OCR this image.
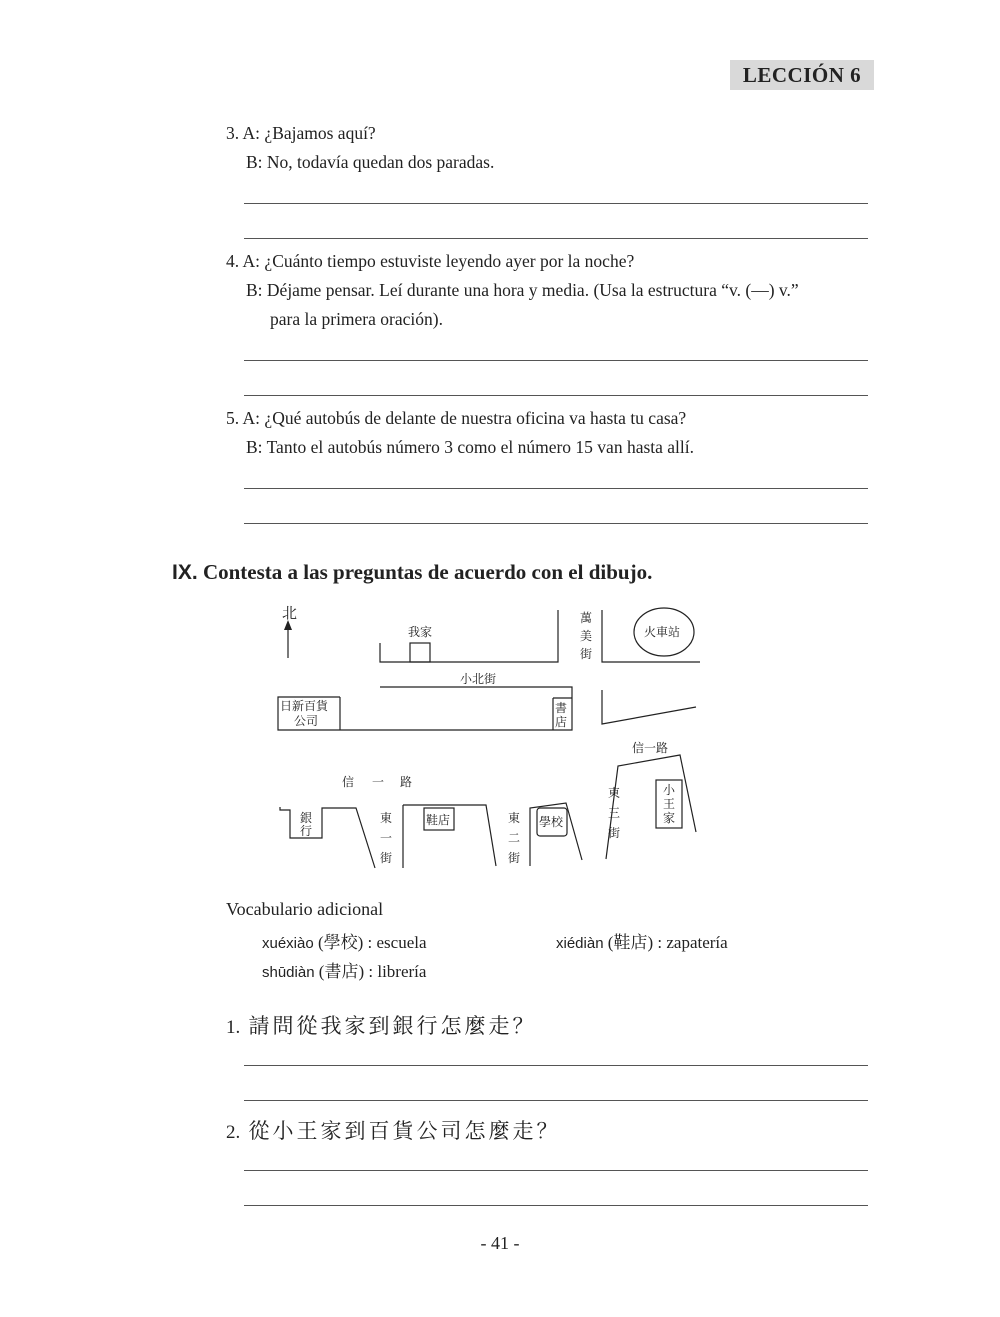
LECCIÓN 6
3. A: ¿Bajamos aquí?
B: No, todavía quedan dos paradas.
4. A: ¿Cuánto tiempo estuviste leyendo ayer por la noche?
B: Déjame pensar. Leí durante una hora y media. (Usa la estructura “v. (—) v.”
para la primera oración).
5. A: ¿Qué autobús de delante de nuestra oficina va hasta tu casa?
B: Tanto el autobús número 3 como el número 15 van hasta allí.
IX. Contesta a las preguntas de acuerdo con el dibujo.
北
我家
萬
美
街
火車站
小北街
日新百貨
公司
書
店
信一路
信 一 路
銀
行
東
一
街
鞋店	東
二
街
學校
東
三
街
小
王
家
Vocabulario adicional
xuéxiào (學校) : escuela	xiédiàn (鞋店) : zapatería
shūdiàn (書店) : librería
1. 請問從我家到銀行怎麼走？
2. 從小王家到百貨公司怎麼走？
- 41 -
